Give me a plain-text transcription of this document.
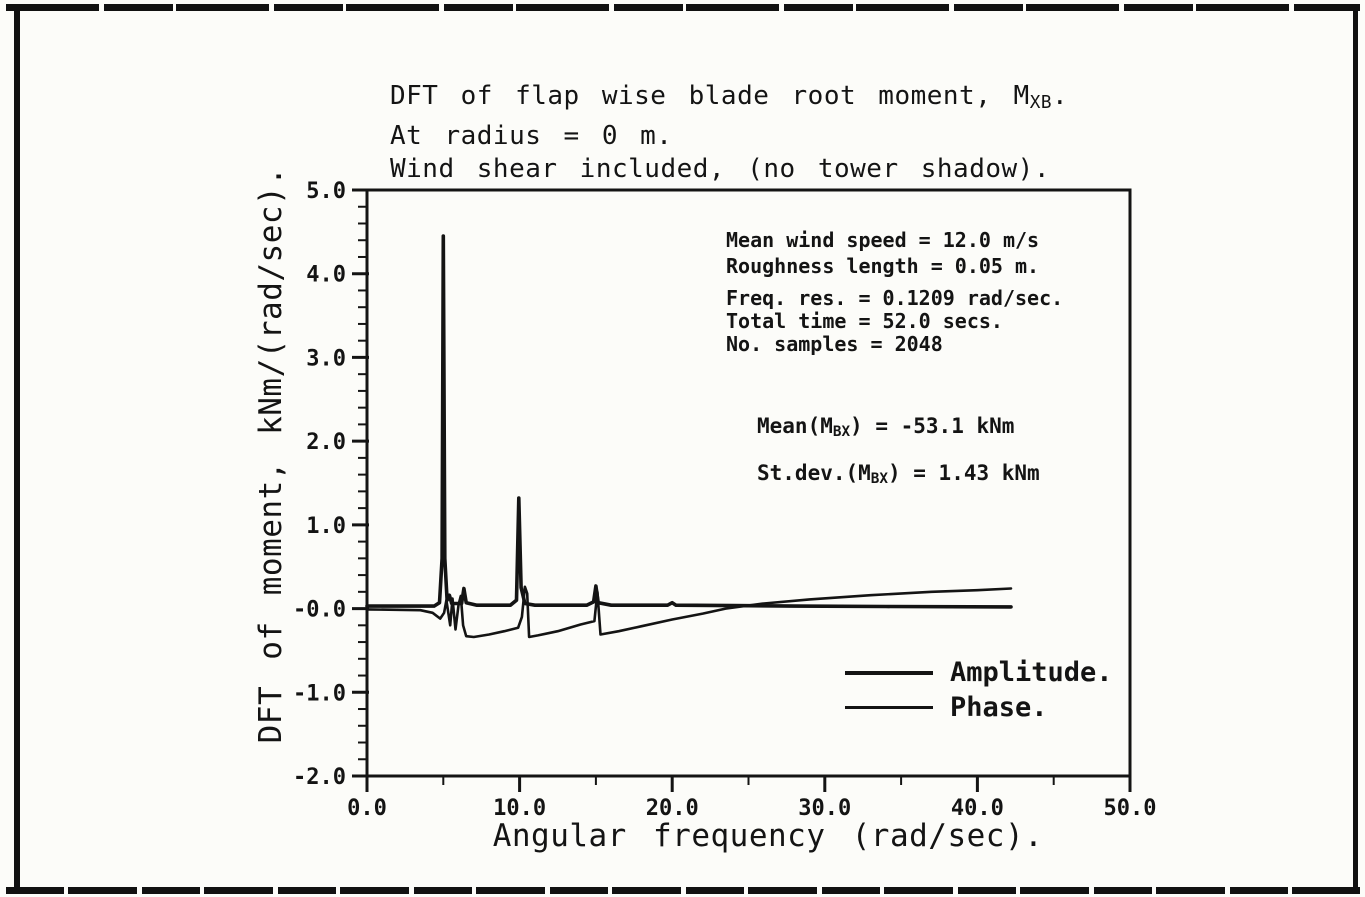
DFT of flap wise blade root moment, $M_{XB}$.
At radius = 0 m.
Wind shear included, (no tower shadow).
5.0
4.0
3.0
2.0
1.0
-0.0
-1.0
-2.0
0.0	10.0	20.0	30.0	40.0	50.0
DFT of moment, kNm/(rad/sec).
Angular frequency (rad/sec).
Mean wind speed = 12.0 m/s
Roughness length = 0.05 m.
Freq. res. = 0.1209 rad/sec.
Total time = 52.0 secs.
No. samples = 2048
$Mean(M_{BX}) = -53.1$ kNm
$St.dev.(M_{BX}) = 1.43$ kNm
Amplitude.
Phase.
